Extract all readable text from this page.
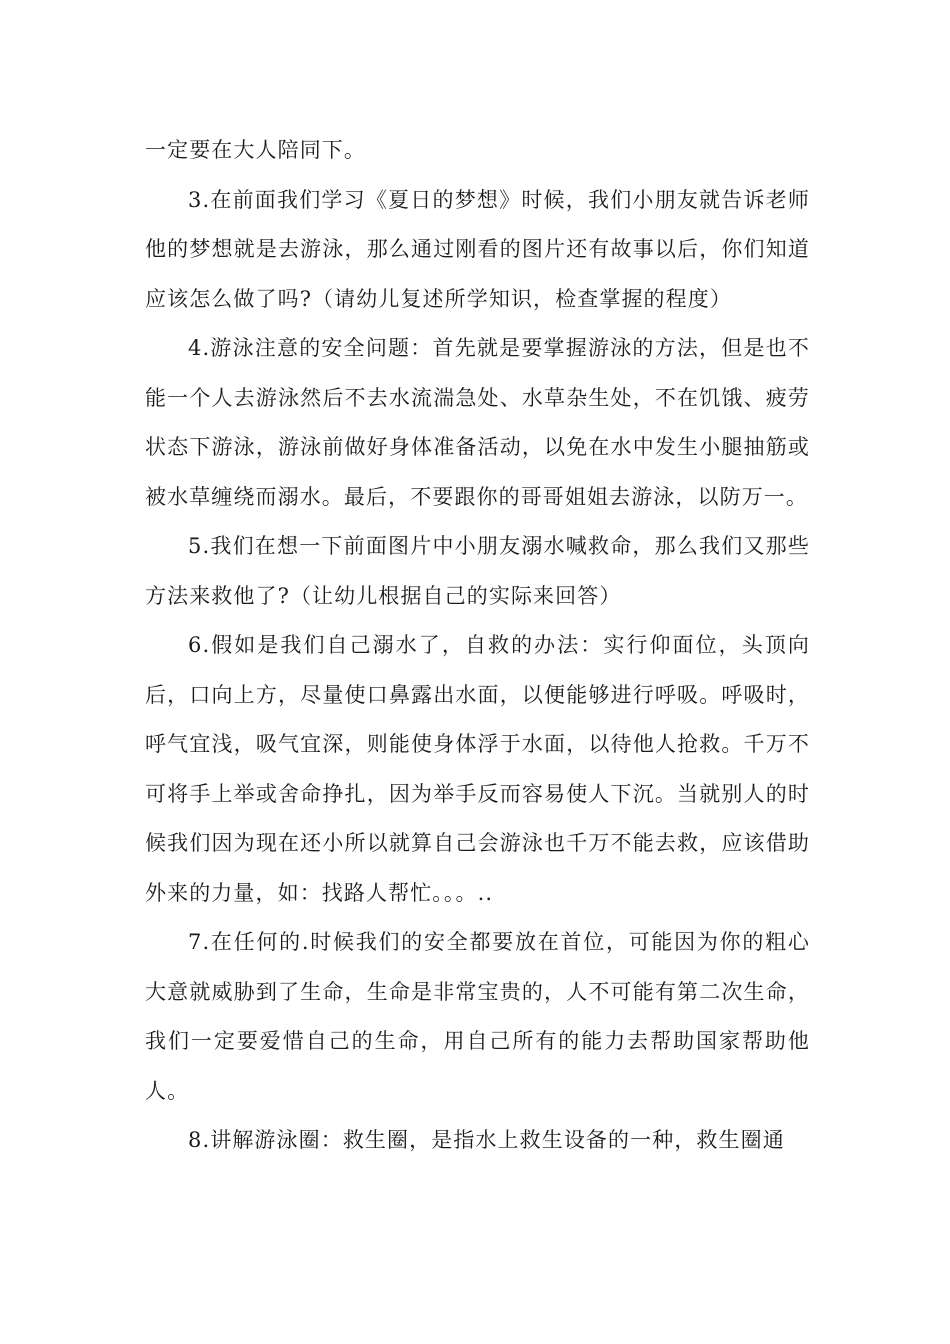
一定要在大人陪同下。

3.在前面我们学习《夏日的梦想》时候，我们小朋友就告诉老师他的梦想就是去游泳，那么通过刚看的图片还有故事以后，你们知道应该怎么做了吗?（请幼儿复述所学知识，检查掌握的程度）

4.游泳注意的安全问题：首先就是要掌握游泳的方法，但是也不能一个人去游泳然后不去水流湍急处、水草杂生处，不在饥饿、疲劳状态下游泳，游泳前做好身体准备活动，以免在水中发生小腿抽筋或被水草缠绕而溺水。最后，不要跟你的哥哥姐姐去游泳，以防万一。

5.我们在想一下前面图片中小朋友溺水喊救命，那么我们又那些方法来救他了?（让幼儿根据自己的实际来回答）

6.假如是我们自己溺水了，自救的办法：实行仰面位，头顶向后，口向上方，尽量使口鼻露出水面，以便能够进行呼吸。呼吸时，呼气宜浅，吸气宜深，则能使身体浮于水面，以待他人抢救。千万不可将手上举或舍命挣扎，因为举手反而容易使人下沉。当就别人的时候我们因为现在还小所以就算自己会游泳也千万不能去救，应该借助外来的力量，如：找路人帮忙。。。..

7.在任何的.时候我们的安全都要放在首位，可能因为你的粗心大意就威胁到了生命，生命是非常宝贵的，人不可能有第二次生命，我们一定要爱惜自己的生命，用自己所有的能力去帮助国家帮助他人。

8.讲解游泳圈：救生圈，是指水上救生设备的一种，救生圈通
